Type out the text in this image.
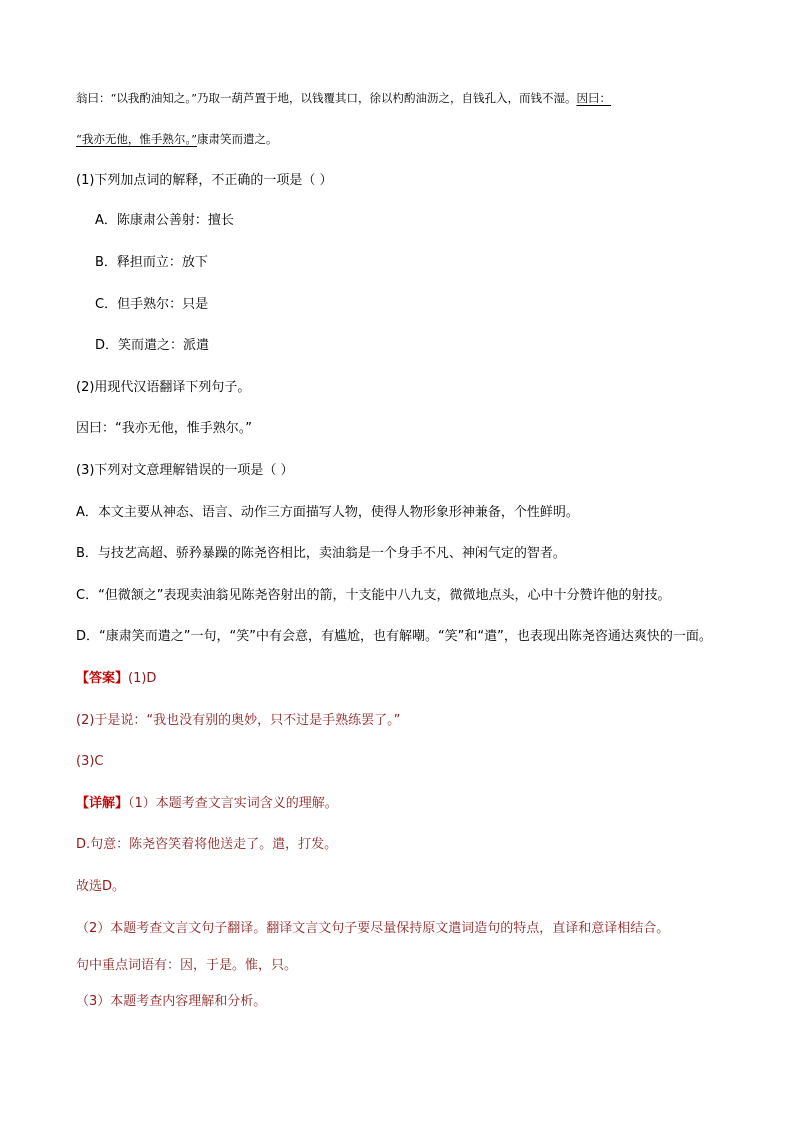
翁曰：“以我酌油知之。”乃取一葫芦置于地，以钱覆其口，徐以杓酌油沥之，自钱孔入，而钱不湿。因曰：
“我亦无他，惟手熟尔。”康肃笑而遣之。
(1)下列加点词的解释，不正确的一项是（ ）
A．陈康肃公善射：擅长
B．释担而立：放下
C．但手熟尔：只是
D．笑而遣之：派遣
(2)用现代汉语翻译下列句子。
因曰：“我亦无他，惟手熟尔。”
(3)下列对文意理解错误的一项是（ ）
A．本文主要从神态、语言、动作三方面描写人物，使得人物形象形神兼备，个性鲜明。
B．与技艺高超、骄矜暴躁的陈尧咨相比，卖油翁是一个身手不凡、神闲气定的智者。
C．“但微颔之”表现卖油翁见陈尧咨射出的箭，十支能中八九支，微微地点头，心中十分赞许他的射技。
D．“康肃笑而遣之”一句，“笑”中有会意，有尴尬，也有解嘲。“笑”和“遣”，也表现出陈尧咨通达爽快的一面。
【答案】(1)D
(2)于是说：“我也没有别的奥妙，只不过是手熟练罢了。”
(3)C
【详解】（1）本题考查文言实词含义的理解。
D.句意：陈尧咨笑着将他送走了。遣，打发。
故选D。
（2）本题考查文言文句子翻译。翻译文言文句子要尽量保持原文遣词造句的特点，直译和意译相结合。
句中重点词语有：因，于是。惟，只。
（3）本题考查内容理解和分析。
